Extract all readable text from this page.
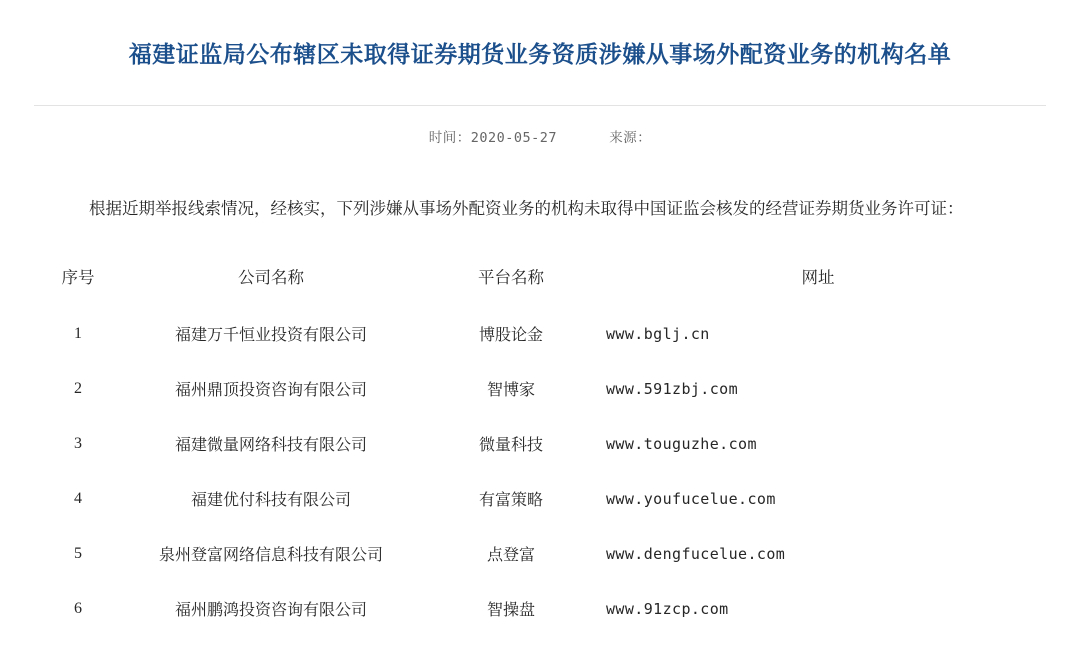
福建证监局公布辖区未取得证券期货业务资质涉嫌从事场外配资业务的机构名单
时间：2020-05-27	来源：

根据近期举报线索情况，经核实，下列涉嫌从事场外配资业务的机构未取得中国证监会核发的经营证券期货业务许可证：

序号	公司名称	平台名称	网址
1	福建万千恒业投资有限公司	博股论金	www.bglj.cn
2	福州鼎顶投资咨询有限公司	智博家	www.591zbj.com
3	福建微量网络科技有限公司	微量科技	www.touguzhe.com
4	福建优付科技有限公司	有富策略	www.youfucelue.com
5	泉州登富网络信息科技有限公司	点登富	www.dengfucelue.com
6	福州鹏鸿投资咨询有限公司	智操盘	www.91zcp.com
